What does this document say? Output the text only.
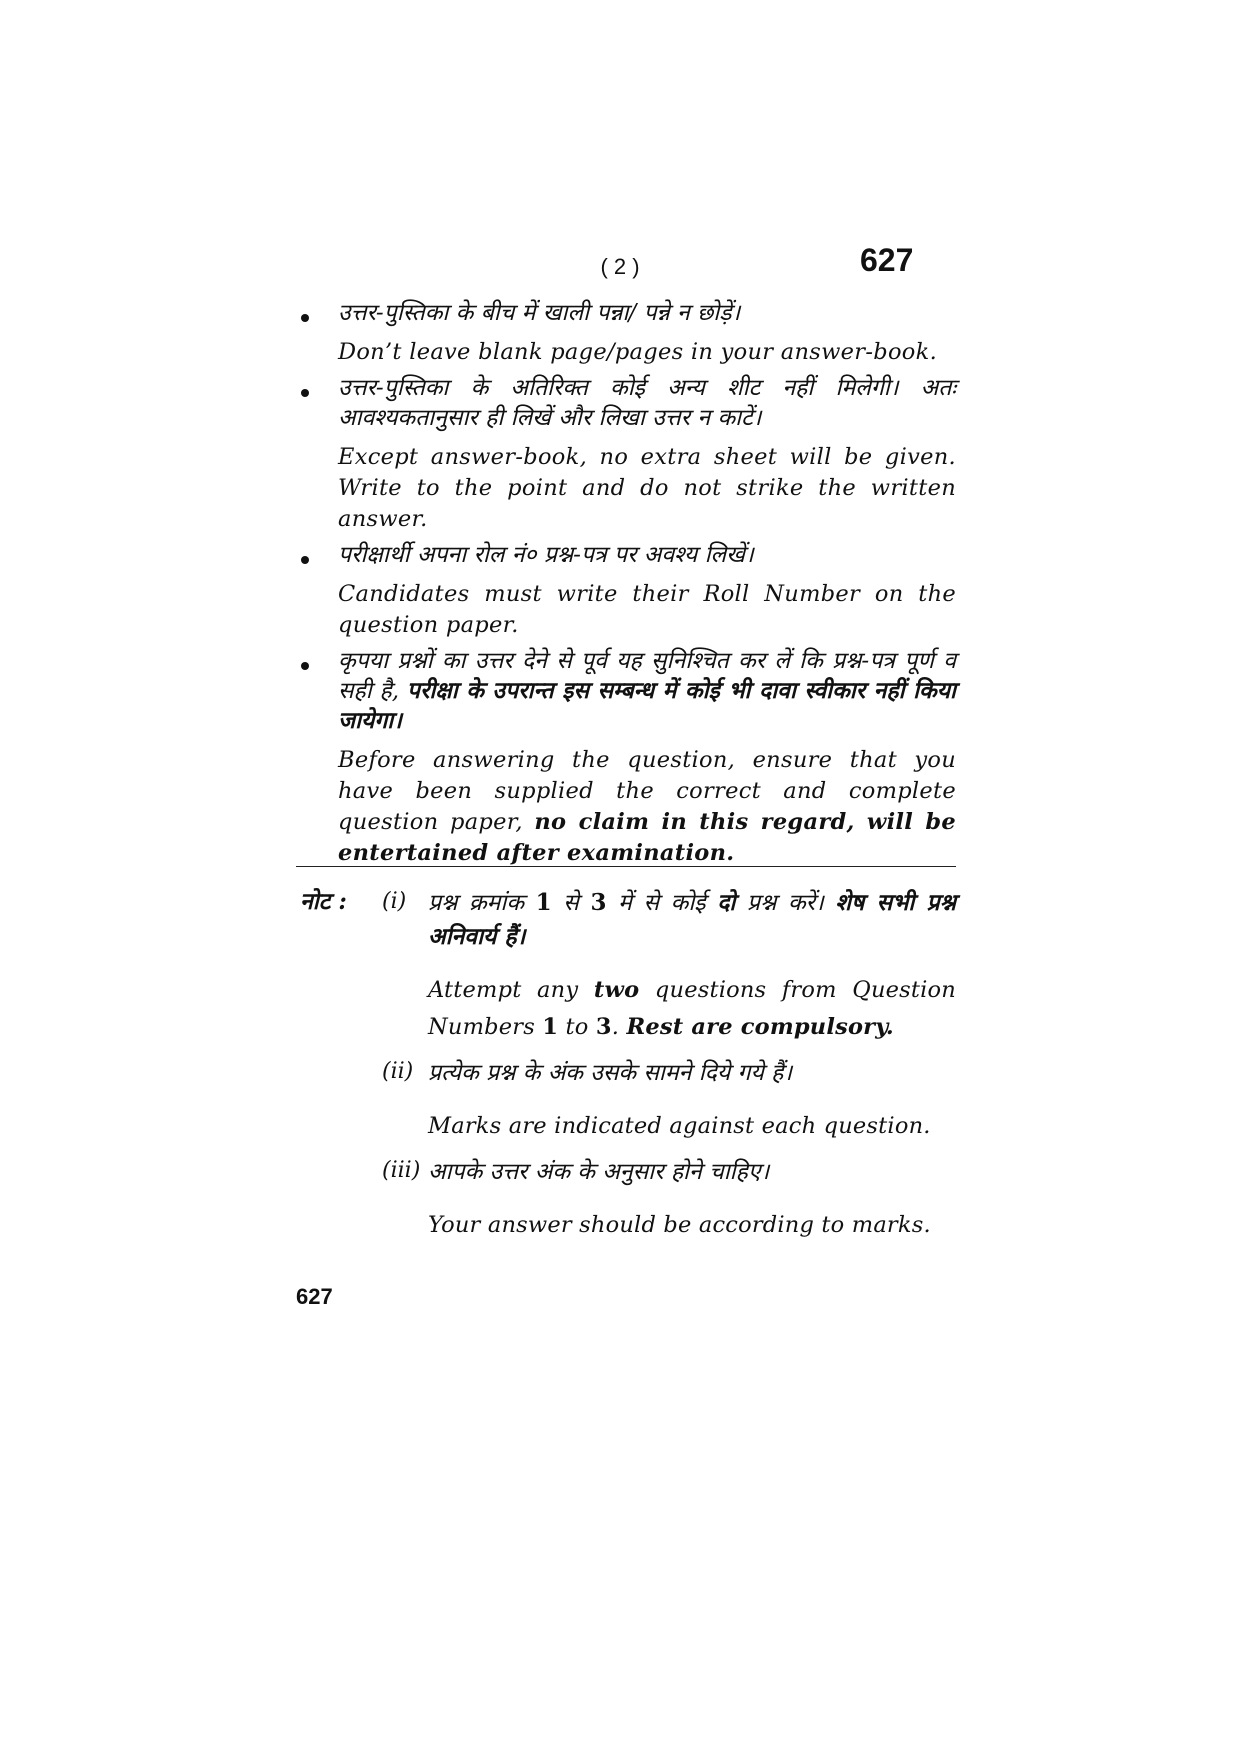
( 2 )	627
उत्तर-पुस्तिका के बीच में खाली पन्ना/ पन्ने न छोड़ें।
Don’t leave blank page/pages in your answer-book.
उत्तर-पुस्तिका के अतिरिक्त कोई अन्य शीट नहीं मिलेगी। अतः आवश्यकतानुसार ही लिखें और लिखा उत्तर न काटें।
Except answer-book, no extra sheet will be given. Write to the point and do not strike the written answer.
परीक्षार्थी अपना रोल नं० प्रश्न-पत्र पर अवश्य लिखें।
Candidates must write their Roll Number on the question paper.
कृपया प्रश्नों का उत्तर देने से पूर्व यह सुनिश्चित कर लें कि प्रश्न-पत्र पूर्ण व सही है, परीक्षा के उपरान्त इस सम्बन्ध में कोई भी दावा स्वीकार नहीं किया जायेगा।
Before answering the question, ensure that you have been supplied the correct and complete question paper, no claim in this regard, will be entertained after examination.
नोट : (i) प्रश्न क्रमांक 1 से 3 में से कोई दो प्रश्न करें। शेष सभी प्रश्न अनिवार्य हैं।
Attempt any two questions from Question Numbers 1 to 3. Rest are compulsory.
(ii) प्रत्येक प्रश्न के अंक उसके सामने दिये गये हैं।
Marks are indicated against each question.
(iii) आपके उत्तर अंक के अनुसार होने चाहिए।
Your answer should be according to marks.
627
